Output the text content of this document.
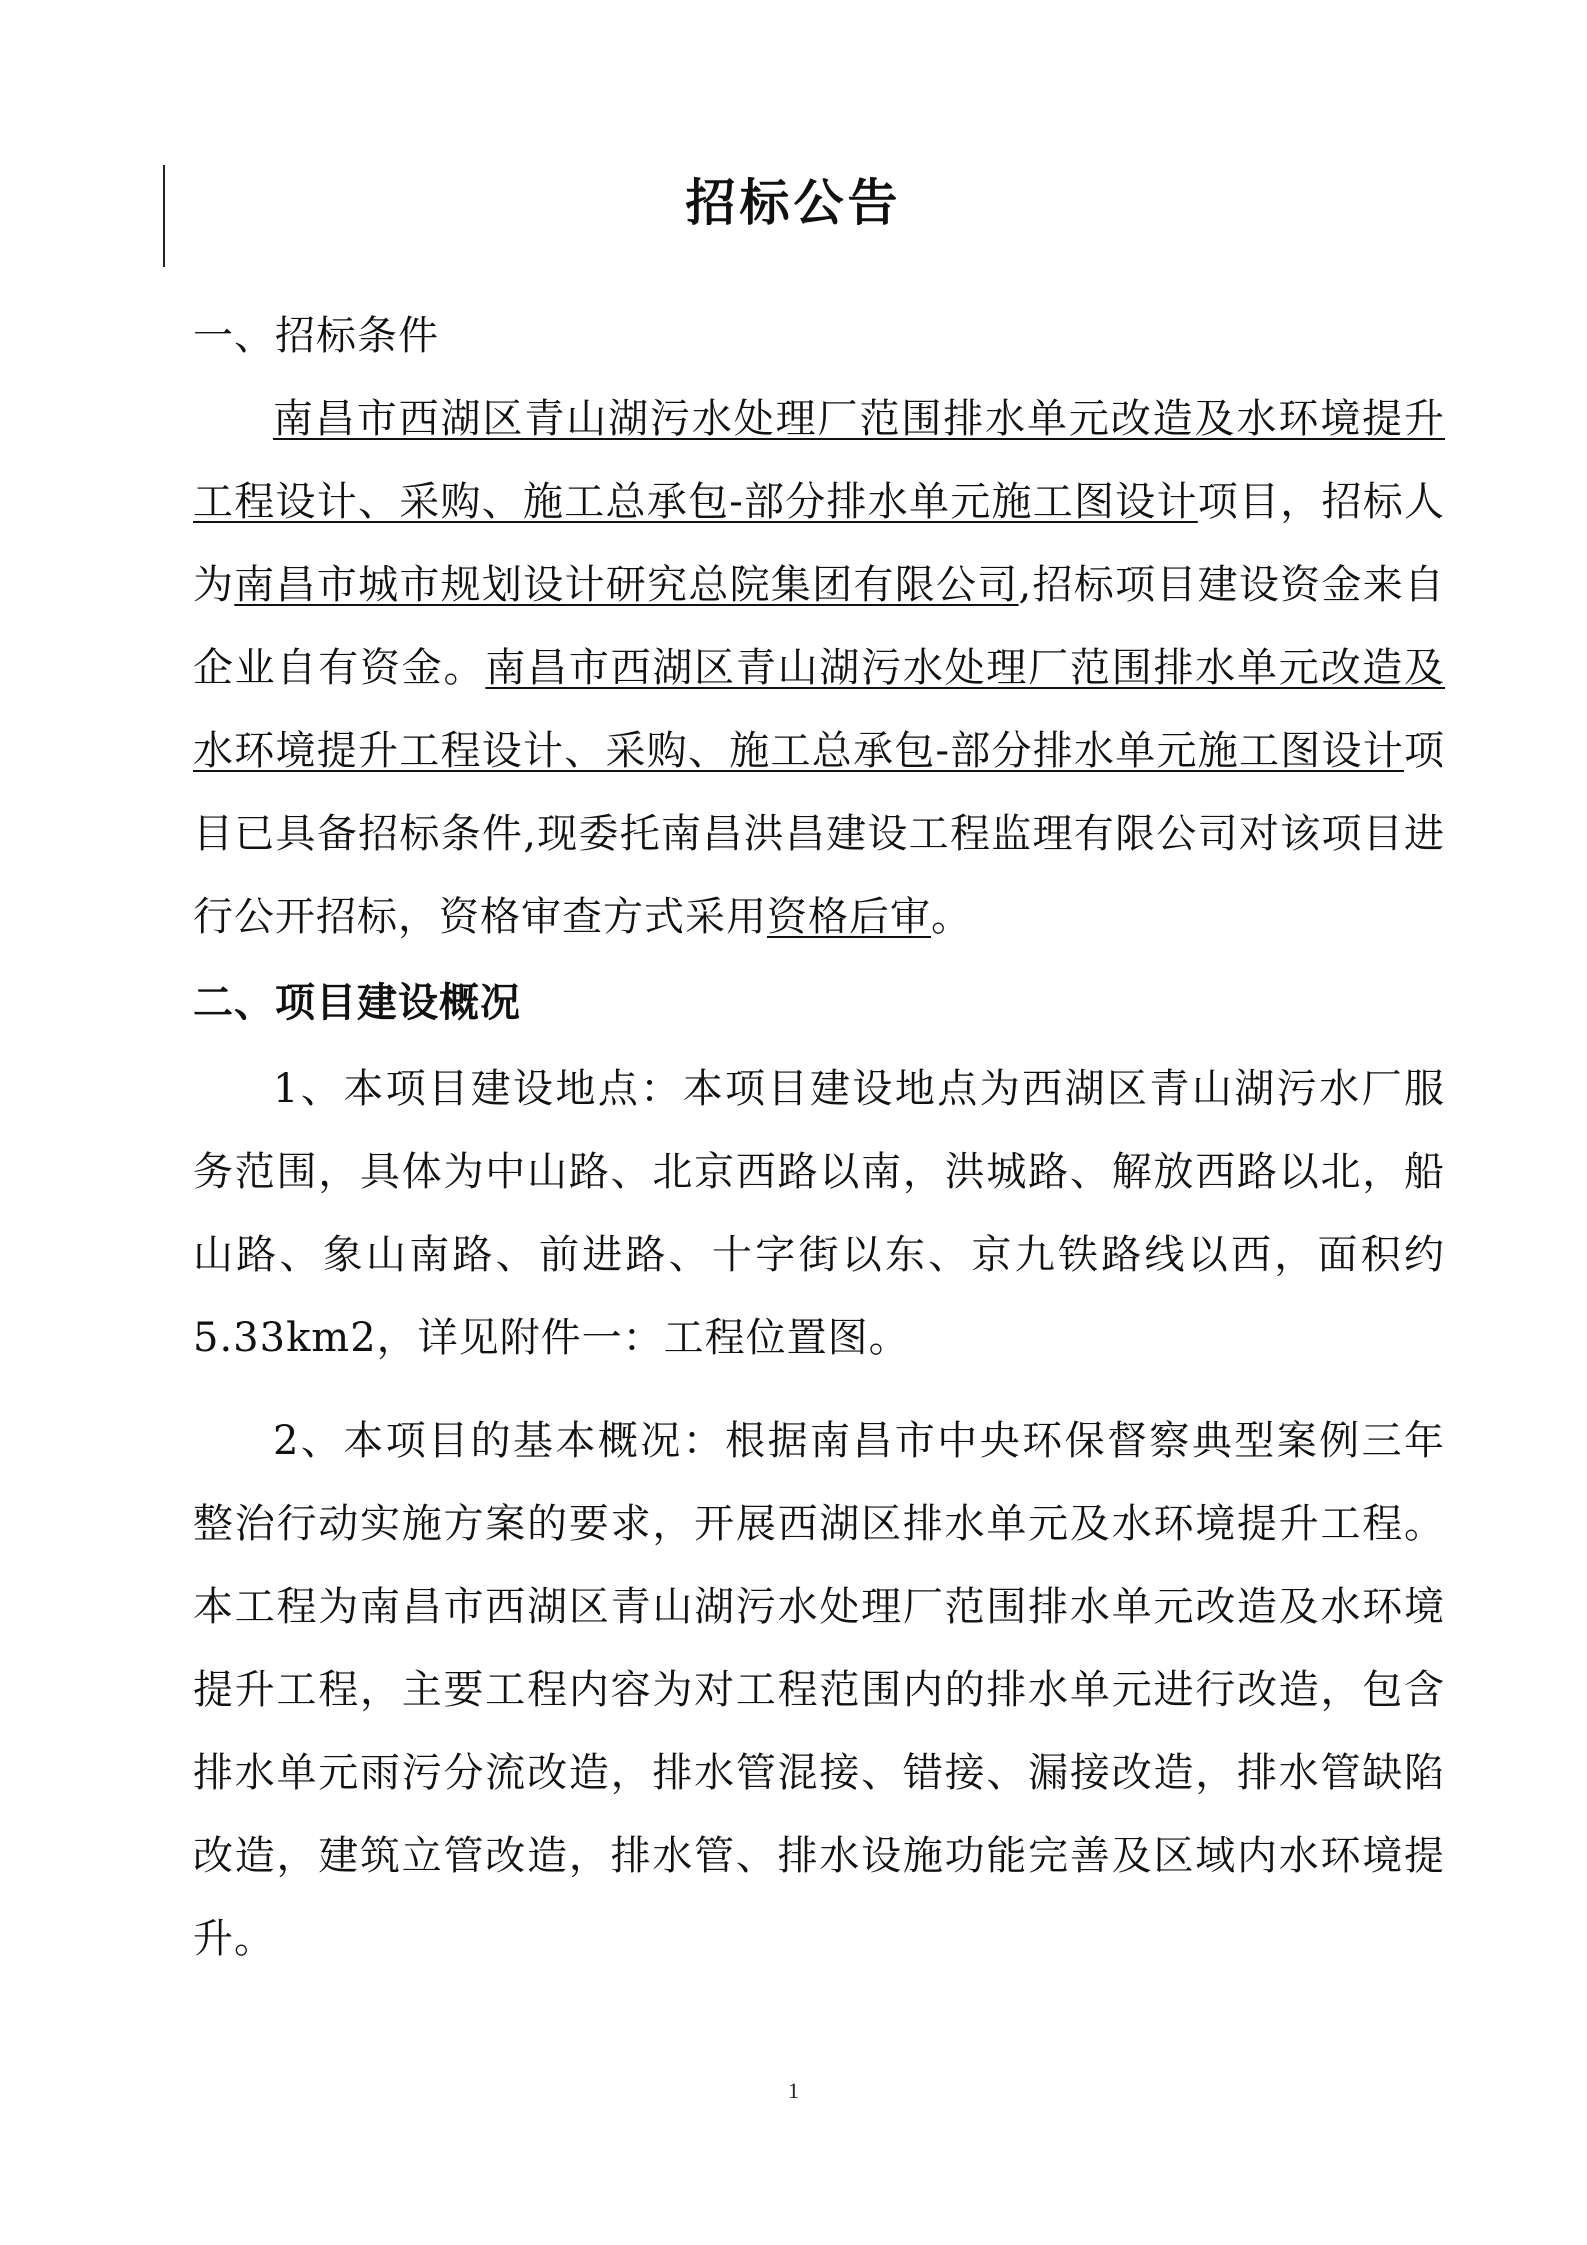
招标公告

一、招标条件

南昌市西湖区青山湖污水处理厂范围排水单元改造及水环境提升工程设计、采购、施工总承包-部分排水单元施工图设计项目，招标人为南昌市城市规划设计研究总院集团有限公司,招标项目建设资金来自企业自有资金。南昌市西湖区青山湖污水处理厂范围排水单元改造及水环境提升工程设计、采购、施工总承包-部分排水单元施工图设计项目已具备招标条件,现委托南昌洪昌建设工程监理有限公司对该项目进行公开招标，资格审查方式采用资格后审。

二、项目建设概况

1、本项目建设地点：本项目建设地点为西湖区青山湖污水厂服务范围，具体为中山路、北京西路以南，洪城路、解放西路以北，船山路、象山南路、前进路、十字街以东、京九铁路线以西，面积约5.33km2，详见附件一：工程位置图。

2、本项目的基本概况：根据南昌市中央环保督察典型案例三年整治行动实施方案的要求，开展西湖区排水单元及水环境提升工程。本工程为南昌市西湖区青山湖污水处理厂范围排水单元改造及水环境提升工程，主要工程内容为对工程范围内的排水单元进行改造，包含排水单元雨污分流改造，排水管混接、错接、漏接改造，排水管缺陷改造，建筑立管改造，排水管、排水设施功能完善及区域内水环境提升。

1
